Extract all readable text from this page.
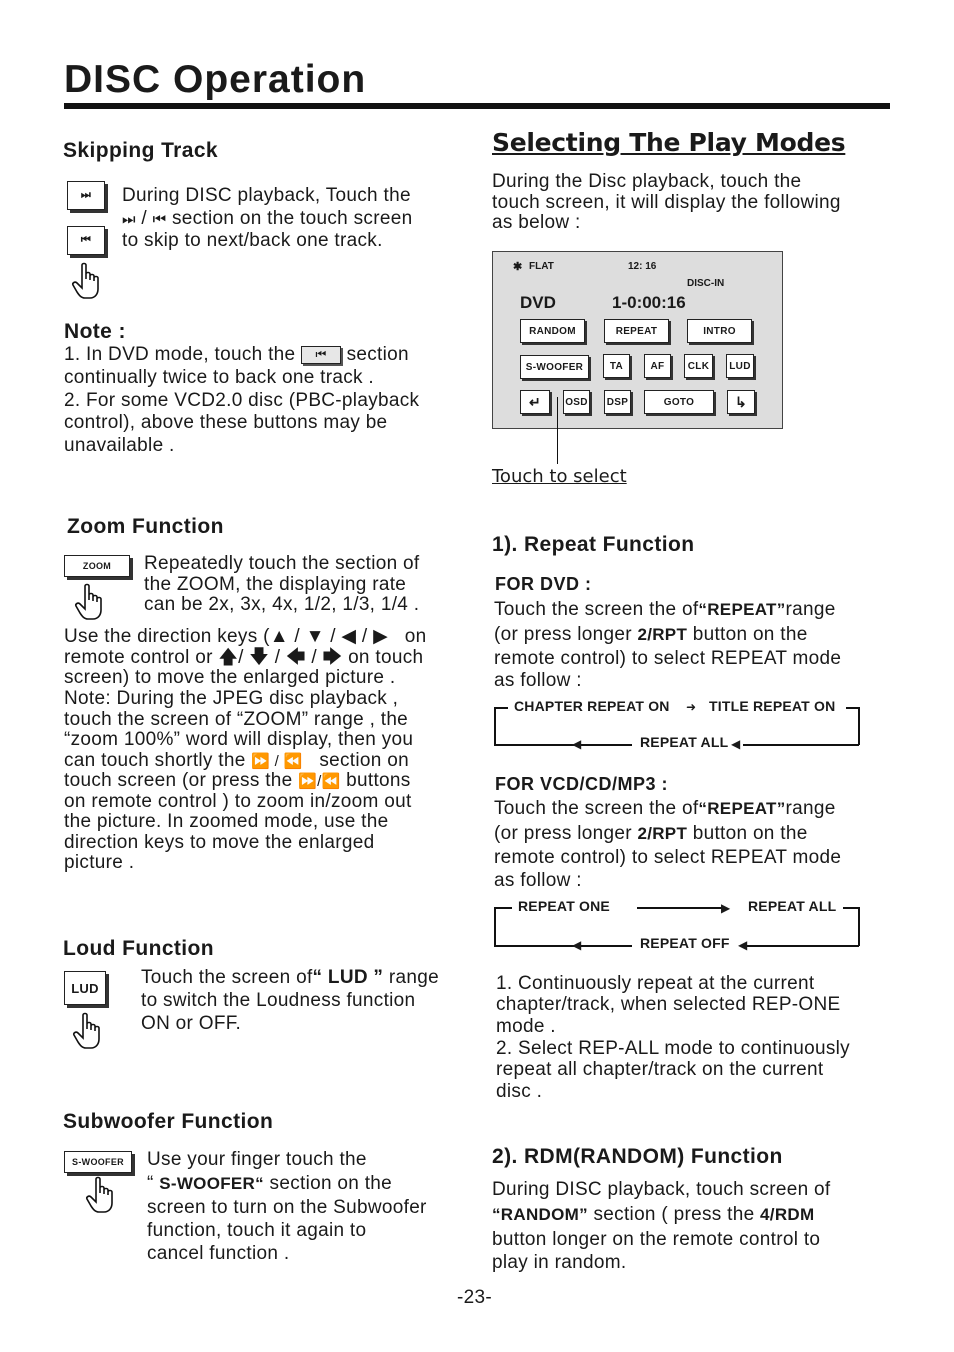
DISC Operation
Skipping Track
⏭
⏮
During DISC playback, Touch the
⏭ / ⏮ section on the touch screen
to skip to next/back one track.
Note :
1. In DVD mode, touch the ⏮ section
continually twice to back one track .
2. For some VCD2.0 disc (PBC-playback
control), above these buttons may be
unavailable .
Zoom Function
ZOOM	Repeatedly touch the section of
the ZOOM, the displaying rate
can be 2x, 3x, 4x, 1/2, 1/3, 1/4 .
Use the direction keys (▲ / ▼ / ◀ / ▶ on
remote control or 🡅/ 🡇 / 🡄 / 🡆 on touch
screen) to move the enlarged picture .
Note: During the JPEG disc playback ,
touch the screen of “ZOOM” range , the
“zoom 100%” word will display, then you
can touch shortly the ⏩ / ⏪ section on
touch screen (or press the ⏩/⏪ buttons
on remote control ) to zoom in/zoom out
the picture. In zoomed mode, use the
direction keys to move the enlarged
picture .
Loud Function
LUD	Touch the screen of“ LUD ” range
to switch the Loudness function
ON or OFF.
Subwoofer Function
S-WOOFER	Use your finger touch the
“ S-WOOFER“ section on the
screen to turn on the Subwoofer
function, touch it again to
cancel function .
Selecting The Play Modes
During the Disc playback, touch the
touch screen, it will display the following
as below :
✱ FLAT	12: 16
DISC-IN
DVD	1-0:00:16
RANDOM	REPEAT	INTRO
S-WOOFER	TA	AF	CLK	LUD
↵	OSD DSP	GOTO	↳
Touch to select
1). Repeat Function
FOR DVD :
Touch the screen the of“REPEAT”range
(or press longer 2/RPT button on the
remote control) to select REPEAT mode
as follow :
CHAPTER REPEAT ON ➜ TITLE REPEAT ON
◀	REPEAT ALL ◀
FOR VCD/CD/MP3 :
Touch the screen the of“REPEAT”range
(or press longer 2/RPT button on the
remote control) to select REPEAT mode
as follow :
REPEAT ONE	▶ REPEAT ALL
◀	REPEAT OFF ◀
1. Continuously repeat at the current
chapter/track, when selected REP-ONE
mode .
2. Select REP-ALL mode to continuously
repeat all chapter/track on the current
disc .
2). RDM(RANDOM) Function
During DISC playback, touch screen of
“RANDOM” section ( press the 4/RDM
button longer on the remote control to
play in random.
-23-
